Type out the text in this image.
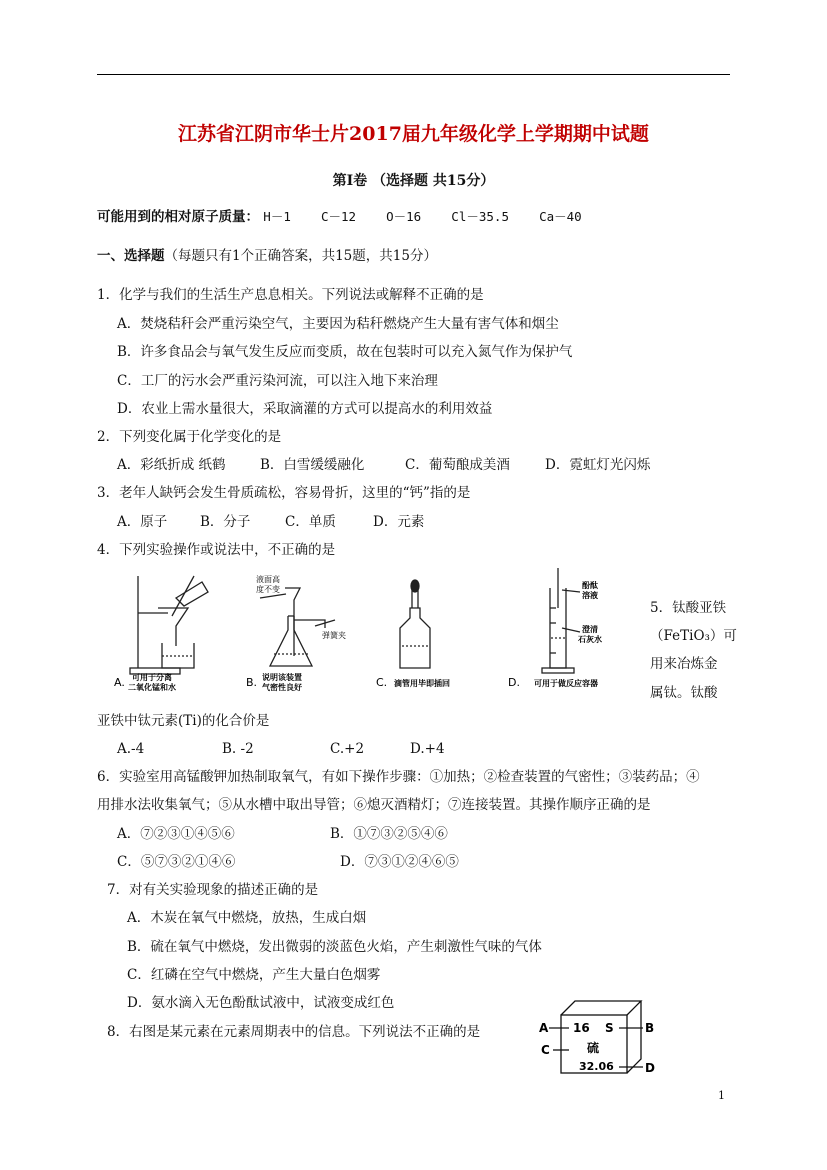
江苏省江阴市华士片2017届九年级化学上学期期中试题
第Ⅰ卷 （选择题 共15分）
可能用到的相对原子质量： H－1    C－12    O－16    Cl－35.5    Ca－40
一、选择题（每题只有1个正确答案，共15题，共15分）
1．化学与我们的生活生产息息相关。下列说法或解释不正确的是
A．焚烧秸秆会严重污染空气，主要因为秸秆燃烧产生大量有害气体和烟尘
B．许多食品会与氧气发生反应而变质，故在包装时可以充入氮气作为保护气
C．工厂的污水会严重污染河流，可以注入地下来治理
D．农业上需水量很大，采取滴灌的方式可以提高水的利用效益
2．下列变化属于化学变化的是
A．彩纸折成 纸鹤	B．白雪缓缓融化	C．葡萄酿成美酒	D．霓虹灯光闪烁
3．老年人缺钙会发生骨质疏松，容易骨折，这里的“钙”指的是
A．原子 B．分子	C．单质	D．元素
4．下列实验操作或说法中，不正确的是
A. 可用于分离
二氧化锰和水	B.
液面高
度不变
弹簧夹
说明该装置
气密性良好	C. 滴管用毕即插回	D.
酚酞
溶液
澄清
石灰水
可用于做反应容器
5．钛酸亚铁
（FeTiO₃）可
用来冶炼金
属钛。钛酸
亚铁中钛元素(Ti)的化合价是
A.-4	B. -2	C.+2	D.+4
6．实验室用高锰酸钾加热制取氧气，有如下操作步骤：①加热；②检查装置的气密性；③装药品；④
用排水法收集氧气；⑤从水槽中取出导管；⑥熄灭酒精灯；⑦连接装置。其操作顺序正确的是
A．⑦②③①④⑤⑥	B．①⑦③②⑤④⑥
C．⑤⑦③②①④⑥	D．⑦③①②④⑥⑤
7．对有关实验现象的描述正确的是
A．木炭在氧气中燃烧，放热，生成白烟
B．硫在氧气中燃烧，发出微弱的淡蓝色火焰，产生刺激性气味的气体
C．红磷在空气中燃烧，产生大量白色烟雾
D．氨水滴入无色酚酞试液中，试液变成红色
8．右图是某元素在元素周期表中的信息。下列说法不正确的是	A	B
C
D
16 S
硫
32.06
1
